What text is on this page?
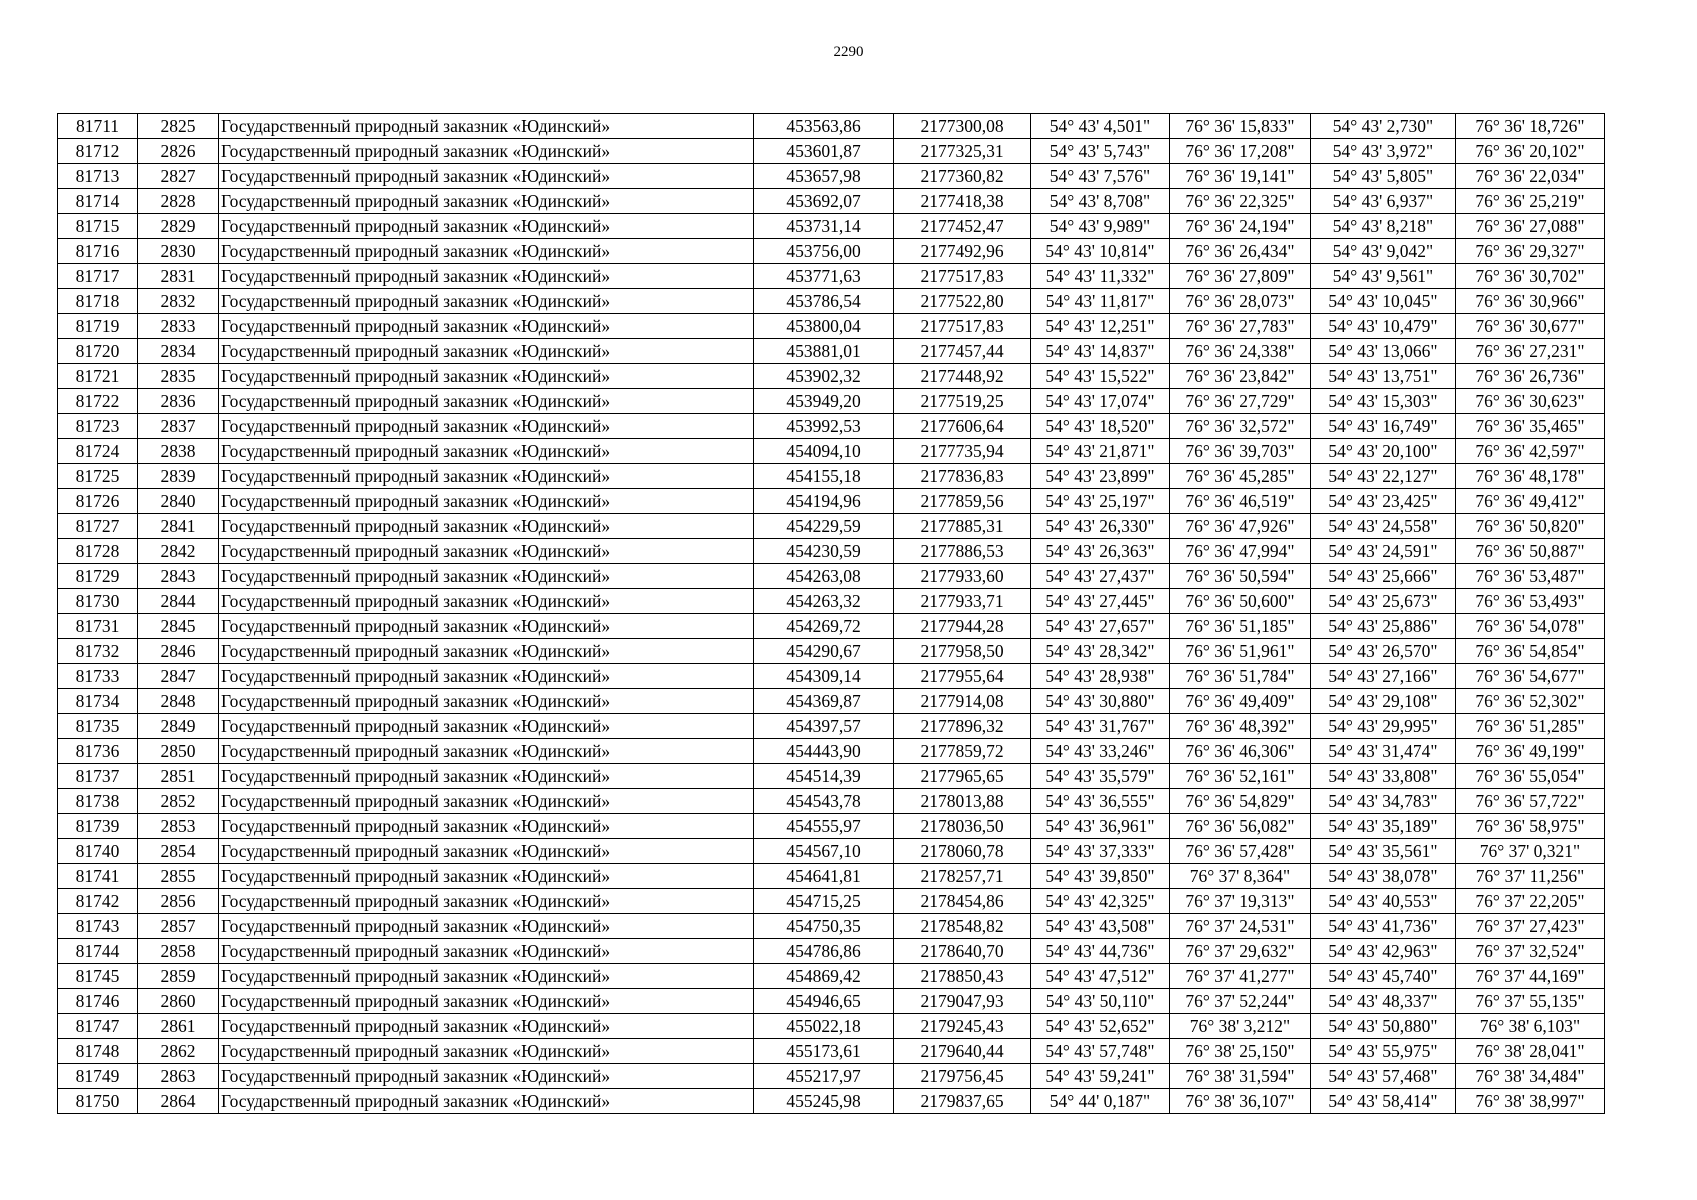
2290
81711	2825	Государственный природный заказник «Юдинский»	453563,86	2177300,08	54° 43' 4,501"	76° 36' 15,833"	54° 43' 2,730"	76° 36' 18,726"
81712	2826	Государственный природный заказник «Юдинский»	453601,87	2177325,31	54° 43' 5,743"	76° 36' 17,208"	54° 43' 3,972"	76° 36' 20,102"
81713	2827	Государственный природный заказник «Юдинский»	453657,98	2177360,82	54° 43' 7,576"	76° 36' 19,141"	54° 43' 5,805"	76° 36' 22,034"
81714	2828	Государственный природный заказник «Юдинский»	453692,07	2177418,38	54° 43' 8,708"	76° 36' 22,325"	54° 43' 6,937"	76° 36' 25,219"
81715	2829	Государственный природный заказник «Юдинский»	453731,14	2177452,47	54° 43' 9,989"	76° 36' 24,194"	54° 43' 8,218"	76° 36' 27,088"
81716	2830	Государственный природный заказник «Юдинский»	453756,00	2177492,96	54° 43' 10,814"	76° 36' 26,434"	54° 43' 9,042"	76° 36' 29,327"
81717	2831	Государственный природный заказник «Юдинский»	453771,63	2177517,83	54° 43' 11,332"	76° 36' 27,809"	54° 43' 9,561"	76° 36' 30,702"
81718	2832	Государственный природный заказник «Юдинский»	453786,54	2177522,80	54° 43' 11,817"	76° 36' 28,073"	54° 43' 10,045"	76° 36' 30,966"
81719	2833	Государственный природный заказник «Юдинский»	453800,04	2177517,83	54° 43' 12,251"	76° 36' 27,783"	54° 43' 10,479"	76° 36' 30,677"
81720	2834	Государственный природный заказник «Юдинский»	453881,01	2177457,44	54° 43' 14,837"	76° 36' 24,338"	54° 43' 13,066"	76° 36' 27,231"
81721	2835	Государственный природный заказник «Юдинский»	453902,32	2177448,92	54° 43' 15,522"	76° 36' 23,842"	54° 43' 13,751"	76° 36' 26,736"
81722	2836	Государственный природный заказник «Юдинский»	453949,20	2177519,25	54° 43' 17,074"	76° 36' 27,729"	54° 43' 15,303"	76° 36' 30,623"
81723	2837	Государственный природный заказник «Юдинский»	453992,53	2177606,64	54° 43' 18,520"	76° 36' 32,572"	54° 43' 16,749"	76° 36' 35,465"
81724	2838	Государственный природный заказник «Юдинский»	454094,10	2177735,94	54° 43' 21,871"	76° 36' 39,703"	54° 43' 20,100"	76° 36' 42,597"
81725	2839	Государственный природный заказник «Юдинский»	454155,18	2177836,83	54° 43' 23,899"	76° 36' 45,285"	54° 43' 22,127"	76° 36' 48,178"
81726	2840	Государственный природный заказник «Юдинский»	454194,96	2177859,56	54° 43' 25,197"	76° 36' 46,519"	54° 43' 23,425"	76° 36' 49,412"
81727	2841	Государственный природный заказник «Юдинский»	454229,59	2177885,31	54° 43' 26,330"	76° 36' 47,926"	54° 43' 24,558"	76° 36' 50,820"
81728	2842	Государственный природный заказник «Юдинский»	454230,59	2177886,53	54° 43' 26,363"	76° 36' 47,994"	54° 43' 24,591"	76° 36' 50,887"
81729	2843	Государственный природный заказник «Юдинский»	454263,08	2177933,60	54° 43' 27,437"	76° 36' 50,594"	54° 43' 25,666"	76° 36' 53,487"
81730	2844	Государственный природный заказник «Юдинский»	454263,32	2177933,71	54° 43' 27,445"	76° 36' 50,600"	54° 43' 25,673"	76° 36' 53,493"
81731	2845	Государственный природный заказник «Юдинский»	454269,72	2177944,28	54° 43' 27,657"	76° 36' 51,185"	54° 43' 25,886"	76° 36' 54,078"
81732	2846	Государственный природный заказник «Юдинский»	454290,67	2177958,50	54° 43' 28,342"	76° 36' 51,961"	54° 43' 26,570"	76° 36' 54,854"
81733	2847	Государственный природный заказник «Юдинский»	454309,14	2177955,64	54° 43' 28,938"	76° 36' 51,784"	54° 43' 27,166"	76° 36' 54,677"
81734	2848	Государственный природный заказник «Юдинский»	454369,87	2177914,08	54° 43' 30,880"	76° 36' 49,409"	54° 43' 29,108"	76° 36' 52,302"
81735	2849	Государственный природный заказник «Юдинский»	454397,57	2177896,32	54° 43' 31,767"	76° 36' 48,392"	54° 43' 29,995"	76° 36' 51,285"
81736	2850	Государственный природный заказник «Юдинский»	454443,90	2177859,72	54° 43' 33,246"	76° 36' 46,306"	54° 43' 31,474"	76° 36' 49,199"
81737	2851	Государственный природный заказник «Юдинский»	454514,39	2177965,65	54° 43' 35,579"	76° 36' 52,161"	54° 43' 33,808"	76° 36' 55,054"
81738	2852	Государственный природный заказник «Юдинский»	454543,78	2178013,88	54° 43' 36,555"	76° 36' 54,829"	54° 43' 34,783"	76° 36' 57,722"
81739	2853	Государственный природный заказник «Юдинский»	454555,97	2178036,50	54° 43' 36,961"	76° 36' 56,082"	54° 43' 35,189"	76° 36' 58,975"
81740	2854	Государственный природный заказник «Юдинский»	454567,10	2178060,78	54° 43' 37,333"	76° 36' 57,428"	54° 43' 35,561"	76° 37' 0,321"
81741	2855	Государственный природный заказник «Юдинский»	454641,81	2178257,71	54° 43' 39,850"	76° 37' 8,364"	54° 43' 38,078"	76° 37' 11,256"
81742	2856	Государственный природный заказник «Юдинский»	454715,25	2178454,86	54° 43' 42,325"	76° 37' 19,313"	54° 43' 40,553"	76° 37' 22,205"
81743	2857	Государственный природный заказник «Юдинский»	454750,35	2178548,82	54° 43' 43,508"	76° 37' 24,531"	54° 43' 41,736"	76° 37' 27,423"
81744	2858	Государственный природный заказник «Юдинский»	454786,86	2178640,70	54° 43' 44,736"	76° 37' 29,632"	54° 43' 42,963"	76° 37' 32,524"
81745	2859	Государственный природный заказник «Юдинский»	454869,42	2178850,43	54° 43' 47,512"	76° 37' 41,277"	54° 43' 45,740"	76° 37' 44,169"
81746	2860	Государственный природный заказник «Юдинский»	454946,65	2179047,93	54° 43' 50,110"	76° 37' 52,244"	54° 43' 48,337"	76° 37' 55,135"
81747	2861	Государственный природный заказник «Юдинский»	455022,18	2179245,43	54° 43' 52,652"	76° 38' 3,212"	54° 43' 50,880"	76° 38' 6,103"
81748	2862	Государственный природный заказник «Юдинский»	455173,61	2179640,44	54° 43' 57,748"	76° 38' 25,150"	54° 43' 55,975"	76° 38' 28,041"
81749	2863	Государственный природный заказник «Юдинский»	455217,97	2179756,45	54° 43' 59,241"	76° 38' 31,594"	54° 43' 57,468"	76° 38' 34,484"
81750	2864	Государственный природный заказник «Юдинский»	455245,98	2179837,65	54° 44' 0,187"	76° 38' 36,107"	54° 43' 58,414"	76° 38' 38,997"
